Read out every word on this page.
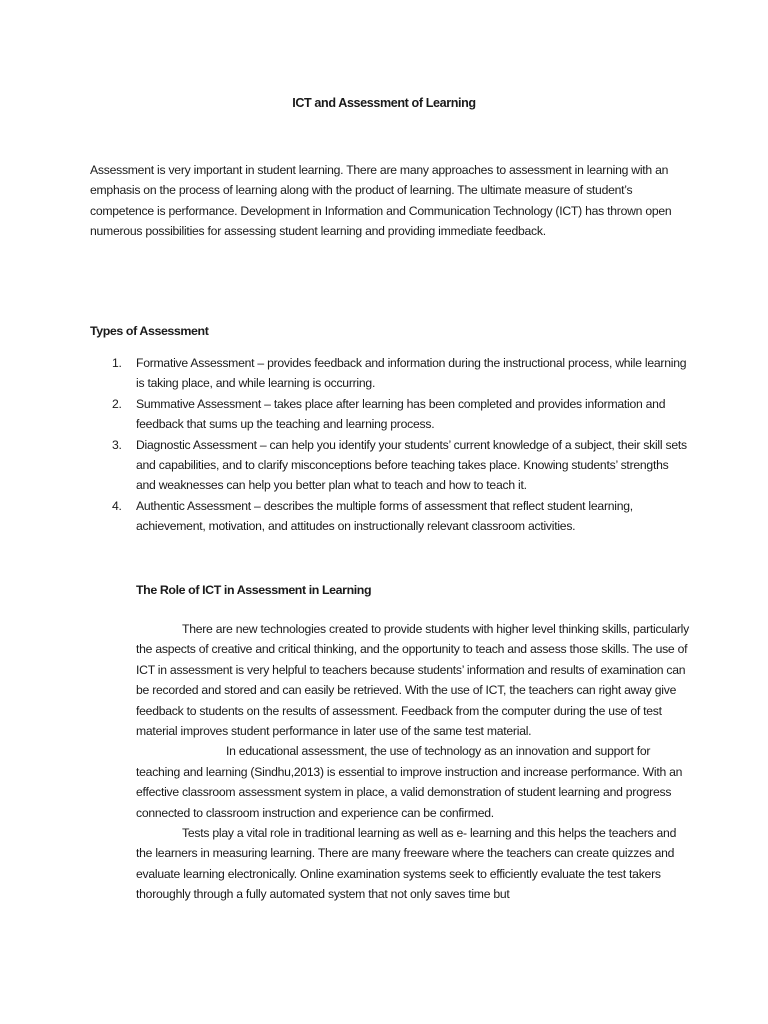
ICT and Assessment of Learning

Assessment is very important in student learning. There are many approaches to assessment in learning with an emphasis on the process of learning along with the product of learning. The ultimate measure of student’s competence is performance. Development in Information and Communication Technology (ICT) has thrown open numerous possibilities for assessing student learning and providing immediate feedback.

Types of Assessment
1. Formative Assessment – provides feedback and information during the instructional process, while learning is taking place, and while learning is occurring.
2. Summative Assessment – takes place after learning has been completed and provides information and feedback that sums up the teaching and learning process.
3. Diagnostic Assessment – can help you identify your students’ current knowledge of a subject, their skill sets and capabilities, and to clarify misconceptions before teaching takes place. Knowing students’ strengths and weaknesses can help you better plan what to teach and how to teach it.
4. Authentic Assessment – describes the multiple forms of assessment that reflect student learning, achievement, motivation, and attitudes on instructionally relevant classroom activities.
The Role of ICT in Assessment in Learning

There are new technologies created to provide students with higher level thinking skills, particularly the aspects of creative and critical thinking, and the opportunity to teach and assess those skills. The use of ICT in assessment is very helpful to teachers because students’ information and results of examination can be recorded and stored and can easily be retrieved. With the use of ICT, the teachers can right away give feedback to students on the results of assessment. Feedback from the computer during the use of test material improves student performance in later use of the same test material.

In educational assessment, the use of technology as an innovation and support for teaching and learning (Sindhu,2013) is essential to improve instruction and increase performance. With an effective classroom assessment system in place, a valid demonstration of student learning and progress connected to classroom instruction and experience can be confirmed.

Tests play a vital role in traditional learning as well as e- learning and this helps the teachers and the learners in measuring learning. There are many freeware where the teachers can create quizzes and evaluate learning electronically. Online examination systems seek to efficiently evaluate the test takers thoroughly through a fully automated system that not only saves time but
